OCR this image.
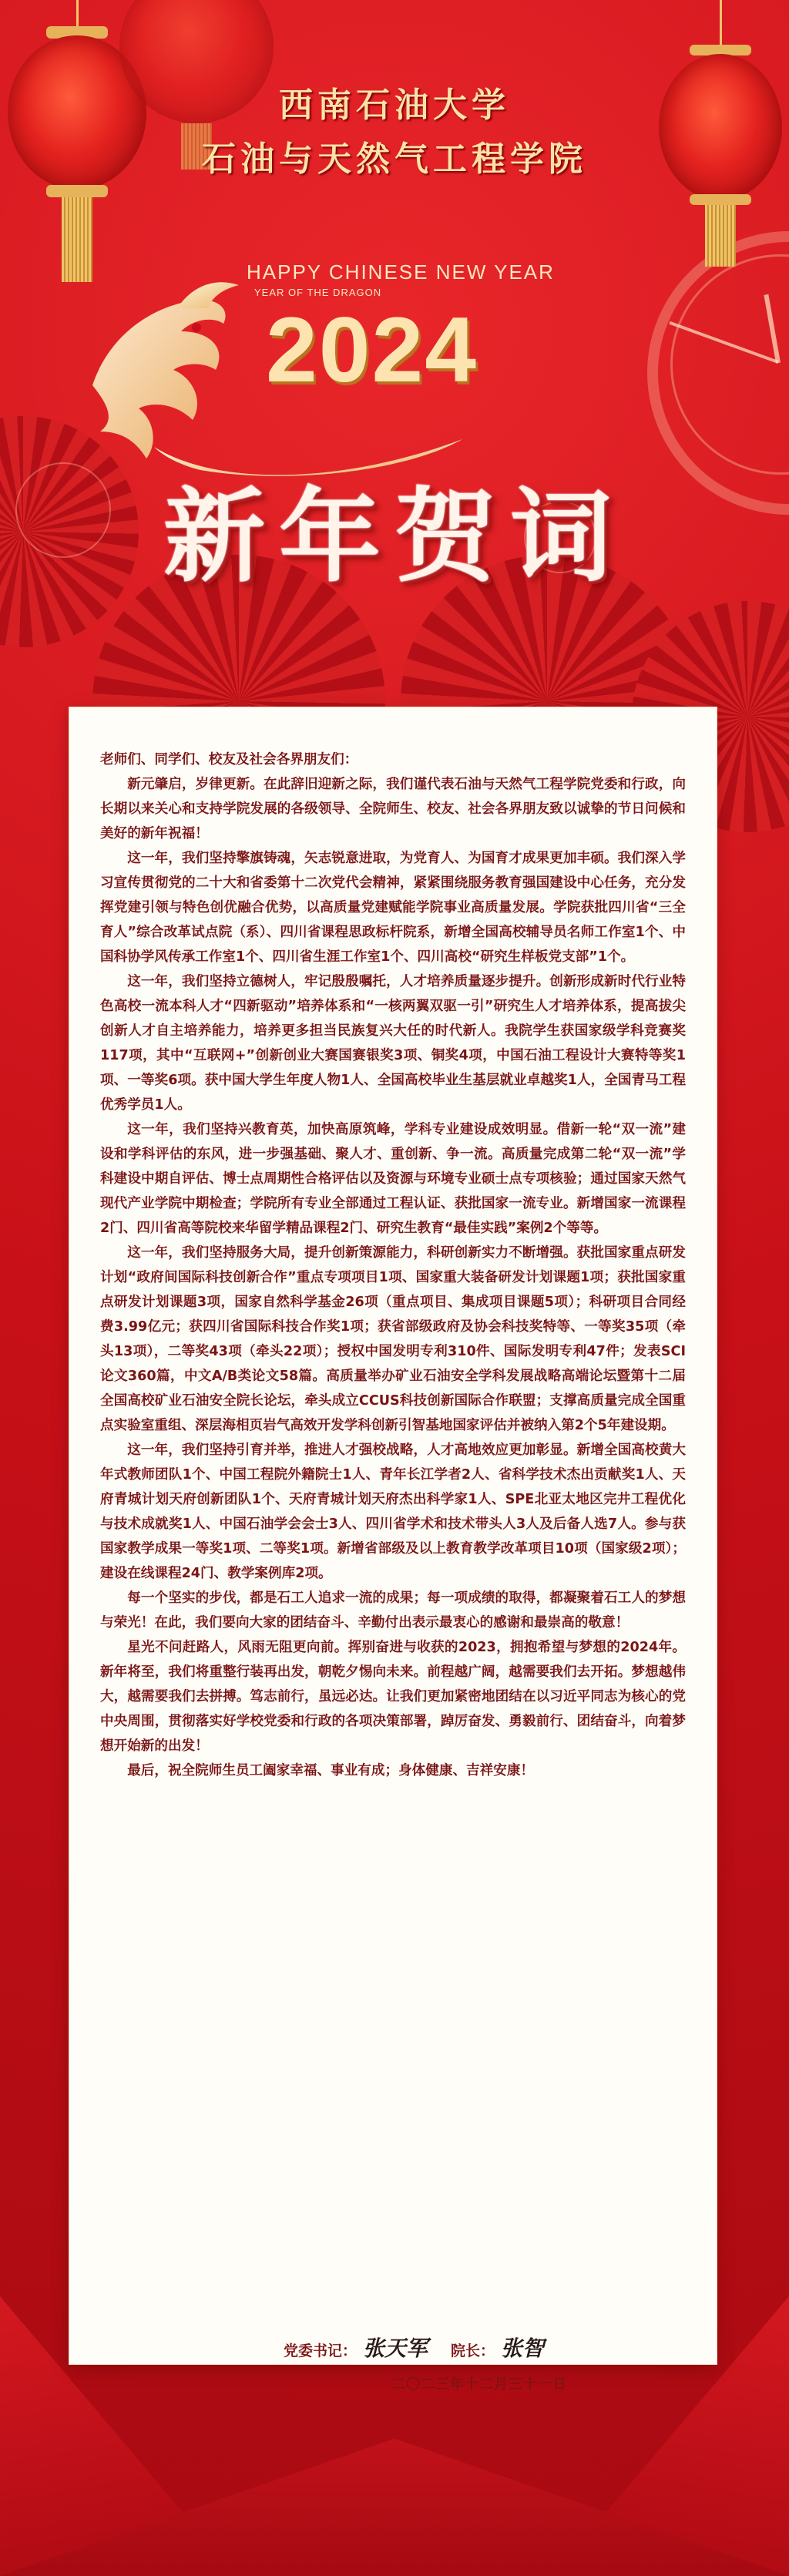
西南石油大学
石油与天然气工程学院
HAPPY CHINESE NEW YEAR
YEAR OF THE DRAGON
2024
新年贺词

老师们、同学们、校友及社会各界朋友们：

新元肇启，岁律更新。在此辞旧迎新之际，我们谨代表石油与天然气工程学院党委和行政，向长期以来关心和支持学院发展的各级领导、全院师生、校友、社会各界朋友致以诚挚的节日问候和美好的新年祝福！

这一年，我们坚持擎旗铸魂，矢志锐意进取，为党育人、为国育才成果更加丰硕。我们深入学习宣传贯彻党的二十大和省委第十二次党代会精神，紧紧围绕服务教育强国建设中心任务，充分发挥党建引领与特色创优融合优势，以高质量党建赋能学院事业高质量发展。学院获批四川省“三全育人”综合改革试点院（系）、四川省课程思政标杆院系，新增全国高校辅导员名师工作室1个、中国科协学风传承工作室1个、四川省生涯工作室1个、四川高校“研究生样板党支部”1个。

这一年，我们坚持立德树人，牢记殷殷嘱托，人才培养质量逐步提升。创新形成新时代行业特色高校一流本科人才“四新驱动”培养体系和“一核两翼双驱一引”研究生人才培养体系，提高拔尖创新人才自主培养能力，培养更多担当民族复兴大任的时代新人。我院学生获国家级学科竞赛奖117项，其中“互联网+”创新创业大赛国赛银奖3项、铜奖4项，中国石油工程设计大赛特等奖1项、一等奖6项。获中国大学生年度人物1人、全国高校毕业生基层就业卓越奖1人，全国青马工程优秀学员1人。

这一年，我们坚持兴教育英，加快高原筑峰，学科专业建设成效明显。借新一轮“双一流”建设和学科评估的东风，进一步强基础、聚人才、重创新、争一流。高质量完成第二轮“双一流”学科建设中期自评估、博士点周期性合格评估以及资源与环境专业硕士点专项核验；通过国家天然气现代产业学院中期检查；学院所有专业全部通过工程认证、获批国家一流专业。新增国家一流课程2门、四川省高等院校来华留学精品课程2门、研究生教育“最佳实践”案例2个等等。

这一年，我们坚持服务大局，提升创新策源能力，科研创新实力不断增强。获批国家重点研发计划“政府间国际科技创新合作”重点专项项目1项、国家重大装备研发计划课题1项；获批国家重点研发计划课题3项，国家自然科学基金26项（重点项目、集成项目课题5项）；科研项目合同经费3.99亿元；获四川省国际科技合作奖1项；获省部级政府及协会科技奖特等、一等奖35项（牵头13项），二等奖43项（牵头22项）；授权中国发明专利310件、国际发明专利47件；发表SCI论文360篇，中文A/B类论文58篇。高质量举办矿业石油安全学科发展战略高端论坛暨第十二届全国高校矿业石油安全院长论坛，牵头成立CCUS科技创新国际合作联盟；支撑高质量完成全国重点实验室重组、深层海相页岩气高效开发学科创新引智基地国家评估并被纳入第2个5年建设期。

这一年，我们坚持引育并举，推进人才强校战略，人才高地效应更加彰显。新增全国高校黄大年式教师团队1个、中国工程院外籍院士1人、青年长江学者2人、省科学技术杰出贡献奖1人、天府青城计划天府创新团队1个、天府青城计划天府杰出科学家1人、SPE北亚太地区完井工程优化与技术成就奖1人、中国石油学会会士3人、四川省学术和技术带头人3人及后备人选7人。参与获国家教学成果一等奖1项、二等奖1项。新增省部级及以上教育教学改革项目10项（国家级2项）；建设在线课程24门、教学案例库2项。

每一个坚实的步伐，都是石工人追求一流的成果；每一项成绩的取得，都凝聚着石工人的梦想与荣光！在此，我们要向大家的团结奋斗、辛勤付出表示最衷心的感谢和最崇高的敬意！

星光不问赶路人，风雨无阻更向前。挥别奋进与收获的2023，拥抱希望与梦想的2024年。新年将至，我们将重整行装再出发，朝乾夕惕向未来。前程越广阔，越需要我们去开拓。梦想越伟大，越需要我们去拼搏。笃志前行，虽远必达。让我们更加紧密地团结在以习近平同志为核心的党中央周围，贯彻落实好学校党委和行政的各项决策部署，踔厉奋发、勇毅前行、团结奋斗，向着梦想开始新的出发！

最后，祝全院师生员工阖家幸福、事业有成；身体健康、吉祥安康！

党委书记： 张天军 院长： 张智
二〇二三年十二月三十一日
